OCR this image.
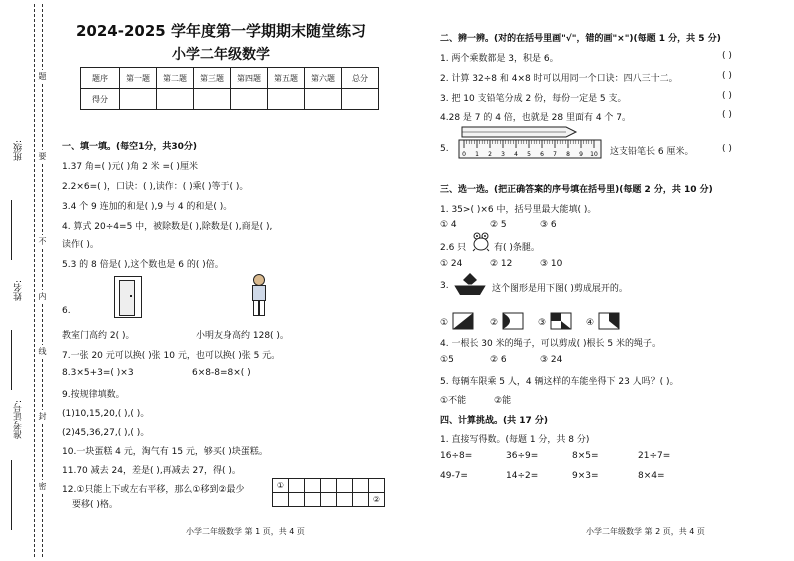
班级:
姓名:
准考证号:
题
要
不
内
线
封
密
2024-2025 学年度第一学期期末随堂练习
小学二年级数学
题序	第一题	第二题	第三题	第四题	第五题	第六题	总分
得分							
一、填一填。(每空1分，共30分)
1.37 角=( )元( )角 2 米 =( )厘米
2.2×6=( )，口诀：( ),读作：( )乘( )等于( )。
3.4 个 9 连加的和是( ),9 与 4 的和是( )。
4. 算式 20÷4=5 中，被除数是( ),除数是( ),商是( ),
读作( )。
5.3 的 8 倍是( ),这个数也是 6 的( )倍。
6.
教室门高约 2( )。	小明友身高约 128( )。
7.一张 20 元可以换( )张 10 元，也可以换( )张 5 元。
8.3×5+3=( )×3	6×8-8=8×( )
9.按规律填数。
(1)10,15,20,( ),( )。
(2)45,36,27,( ),( )。
10.一块蛋糕 4 元，淘气有 15 元，够买( )块蛋糕。
11.70 减去 24，差是( ),再减去 27，得( )。
12.①只能上下或左右平移，那么①移到②最少
要移( )格。
①						
						②
小学二年级数学 第 1 页，共 4 页
二、辨一辨。(对的在括号里画"√"，错的画"×")(每题 1 分，共 5 分)
1. 两个乘数都是 3，积是 6。	( )
2. 计算 32÷8 和 4×8 时可以用同一个口诀：四八三十二。	( )
3. 把 10 支铅笔分成 2 份，每份一定是 5 支。	( )
4.28 是 7 的 4 倍，也就是 28 里面有 4 个 7。	( )
5.
0 1 2 3 4 5 6 7 8 9 10 这支铅笔长 6 厘米。	( )
三、选一选。(把正确答案的序号填在括号里)(每题 2 分，共 10 分)
1. 35>( )×6 中，括号里最大能填( )。
① 4	② 5	③ 6
2.6 只	有( )条腿。
① 24	② 12	③ 10
3.	这个图形是用下图( )剪成展开的。
①	②	③	④
4. 一根长 30 米的绳子，可以剪成( )根长 5 米的绳子。
①5	② 6	③ 24
5. 每辆车限乘 5 人，4 辆这样的车能坐得下 23 人吗？( )。
①不能	②能
四、计算挑战。(共 17 分)
1. 直接写得数。(每题 1 分，共 8 分)
16÷8=	36÷9=	8×5=	21÷7=
49-7=	14÷2=	9×3=	8×4=
小学二年级数学 第 2 页，共 4 页
